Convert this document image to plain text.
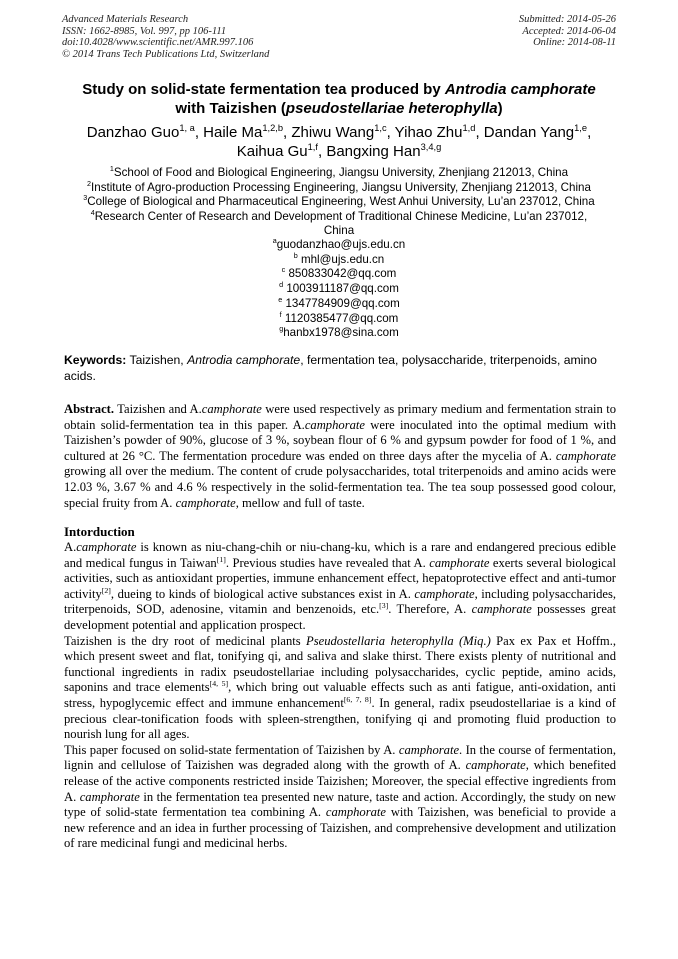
Advanced Materials Research
ISSN: 1662-8985, Vol. 997, pp 106-111
doi:10.4028/www.scientific.net/AMR.997.106
© 2014 Trans Tech Publications Ltd, Switzerland
Submitted: 2014-05-26
Accepted: 2014-06-04
Online: 2014-08-11
Study on solid-state fermentation tea produced by Antrodia camphorate
with Taizishen (pseudostellariae heterophylla)
Danzhao Guo$^{1, a}$, Haile Ma$^{1,2,b}$, Zhiwu Wang$^{1,c}$, Yihao Zhu$^{1,d}$, Dandan Yang$^{1,e}$,
Kaihua Gu$^{1,f}$, Bangxing Han$^{3,4,g}$
$^1$School of Food and Biological Engineering, Jiangsu University, Zhenjiang 212013, China
$^2$Institute of Agro-production Processing Engineering, Jiangsu University, Zhenjiang 212013, China
$^3$College of Biological and Pharmaceutical Engineering, West Anhui University, Lu’an 237012, China
$^4$Research Center of Research and Development of Traditional Chinese Medicine, Lu’an 237012,
China
$^a$guodanzhao@ujs.edu.cn
$^b$ mhl@ujs.edu.cn
$^c$ 850833042@qq.com
$^d$ 1003911187@qq.com
$^e$ 1347784909@qq.com
$^f$ 1120385477@qq.com
$^g$hanbx1978@sina.com
Keywords: Taizishen, Antrodia camphorate, fermentation tea, polysaccharide, triterpenoids, amino acids.
Abstract. Taizishen and A.camphorate were used respectively as primary medium and fermentation strain to obtain solid-fermentation tea in this paper. A.camphorate were inoculated into the optimal medium with Taizishen’s powder of 90%, glucose of 3 %, soybean flour of 6 % and gypsum powder for food of 1 %, and cultured at 26 °C. The fermentation procedure was ended on three days after the mycelia of A. camphorate growing all over the medium. The content of crude polysaccharides, total triterpenoids and amino acids were 12.03 %, 3.67 % and 4.6 % respectively in the solid-fermentation tea. The tea soup possessed good colour, special fruity from A. camphorate, mellow and full of taste.

Intorduction

A.camphorate is known as niu-chang-chih or niu-chang-ku, which is a rare and endangered precious edible and medical fungus in Taiwan[1]. Previous studies have revealed that A. camphorate exerts several biological activities, such as antioxidant properties, immune enhancement effect, hepatoprotective effect and anti-tumor activity[2], dueing to kinds of biological active substances exist in A. camphorate, including polysaccharides, triterpenoids, SOD, adenosine, vitamin and benzenoids, etc.[3]. Therefore, A. camphorate possesses great development potential and application prospect.

Taizishen is the dry root of medicinal plants Pseudostellaria heterophylla (Miq.) Pax ex Pax et Hoffm., which present sweet and flat, tonifying qi, and saliva and slake thirst. There exists plenty of nutritional and functional ingredients in radix pseudostellariae including polysaccharides, cyclic peptide, amino acids, saponins and trace elements[4, 5], which bring out valuable effects such as anti fatigue, anti-oxidation, anti stress, hypoglycemic effect and immune enhancement[6, 7, 8]. In general, radix pseudostellariae is a kind of precious clear-tonification foods with spleen-strengthen, tonifying qi and promoting fluid production to nourish lung for all ages.

This paper focused on solid-state fermentation of Taizishen by A. camphorate. In the course of fermentation, lignin and cellulose of Taizishen was degraded along with the growth of A. camphorate, which benefited release of the active components restricted inside Taizishen; Moreover, the special effective ingredients from A. camphorate in the fermentation tea presented new nature, taste and action. Accordingly, the study on new type of solid-state fermentation tea combining A. camphorate with Taizishen, was beneficial to provide a new reference and an idea in further processing of Taizishen, and comprehensive development and utilization of rare medicinal fungi and medicinal herbs.
